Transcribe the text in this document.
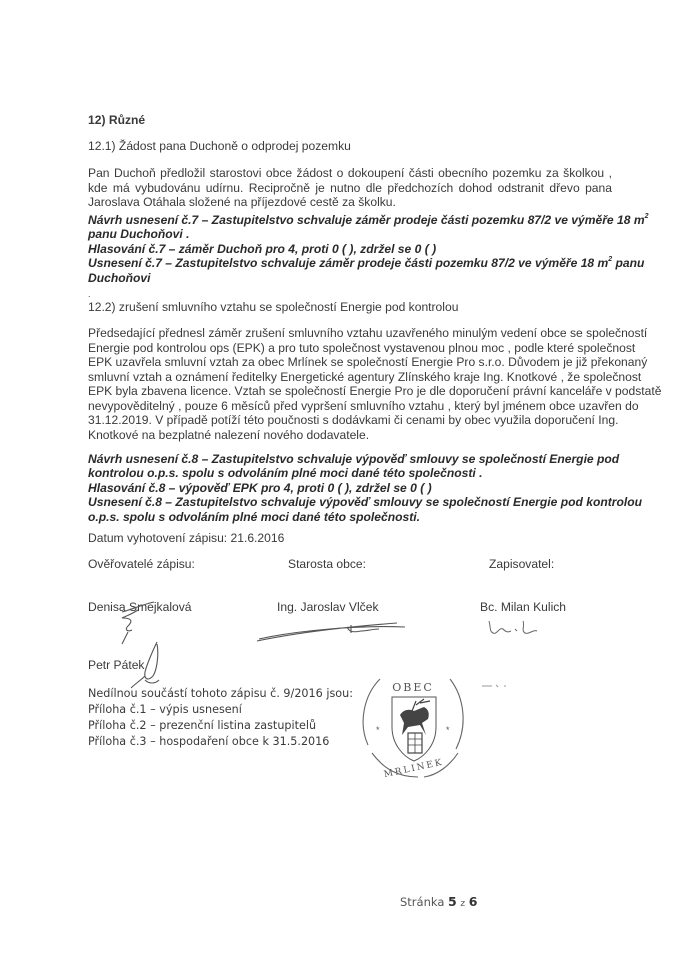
12) Různé
12.1) Žádost pana Duchoně o odprodej pozemku
Pan Duchoň předložil starostovi obce žádost o dokoupení části obecního pozemku za školkou , kde má vybudovánu udírnu. Recipročně je nutno dle předchozích dohod odstranit dřevo pana Jaroslava Otáhala složené na příjezdové cestě za školku.
Návrh usnesení č.7 – Zastupitelstvo schvaluje záměr prodeje části pozemku 87/2 ve výměře 18 $m^2$
panu Duchoňovi .
Hlasování č.7 – záměr Duchoň pro 4, proti 0 ( ), zdržel se 0 ( )
Usnesení č.7 – Zastupitelstvo schvaluje záměr prodeje části pozemku 87/2 ve výměře 18 $m^2$ panu
Duchoňovi
.
12.2) zrušení smluvního vztahu se společností Energie pod kontrolou
Předsedající přednesl záměr zrušení smluvního vztahu uzavřeného minulým vedení obce se společností
Energie pod kontrolou ops (EPK) a pro tuto společnost vystavenou plnou moc , podle které společnost
EPK uzavřela smluvní vztah za obec Mrlínek se společností Energie Pro s.r.o. Důvodem je již překonaný
smluvní vztah a oznámení ředitelky Energetické agentury Zlínského kraje Ing. Knotkové , že společnost
EPK byla zbavena licence. Vztah se společností Energie Pro je dle doporučení právní kanceláře v podstatě
nevypověditelný , pouze 6 měsíců před vypršení smluvního vztahu , který byl jménem obce uzavřen do
31.12.2019. V případě potíží této poučnosti s dodávkami či cenami by obec využila doporučení Ing.
Knotkové na bezplatné nalezení nového dodavatele.
Návrh usnesení č.8 – Zastupitelstvo schvaluje výpověď smlouvy se společností Energie pod
kontrolou o.p.s. spolu s odvoláním plné moci dané této společnosti .
Hlasování č.8 – výpověď EPK pro 4, proti 0 ( ), zdržel se 0 ( )
Usnesení č.8 – Zastupitelstvo schvaluje výpověď smlouvy se společností Energie pod kontrolou
o.p.s. spolu s odvoláním plné moci dané této společnosti.
Datum vyhotovení zápisu: 21.6.2016
Ověřovatelé zápisu:	Starosta obce:	Zapisovatel:
Denisa Smejkalová	Ing. Jaroslav Vlček	Bc. Milan Kulich
Petr Pátek
Nedílnou součástí tohoto zápisu č. 9/2016 jsou:
Příloha č.1 – výpis usnesení
Příloha č.2 – prezenční listina zastupitelů
Příloha č.3 – hospodaření obce k 31.5.2016
OBEC
MRLINEK
*	*
Stránka 5 z 6
